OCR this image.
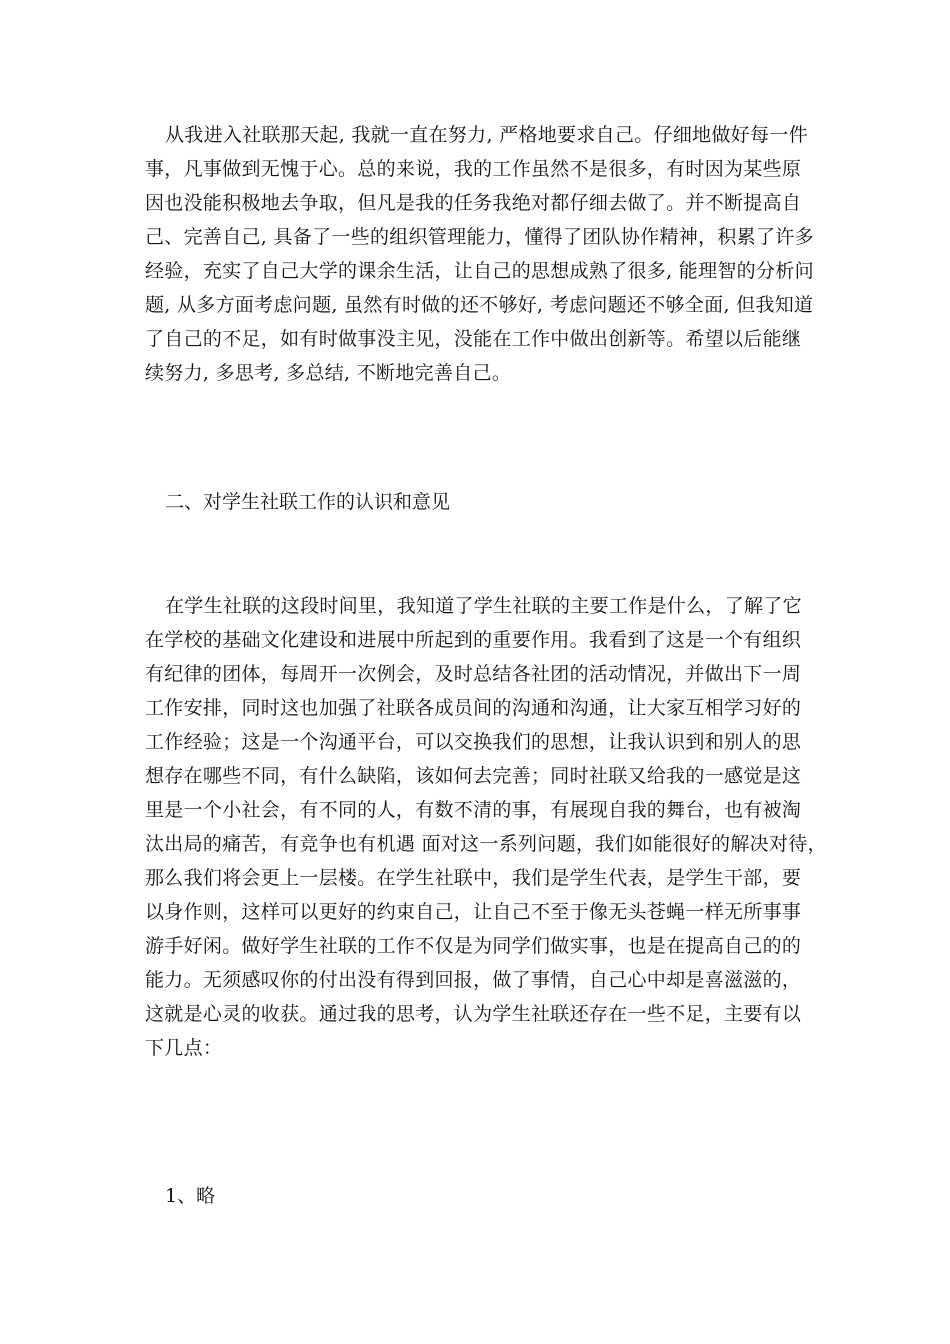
从我进入社联那天起, 我就一直在努力, 严格地要求自己。仔细地做好每一件
事，凡事做到无愧于心。总的来说，我的工作虽然不是很多，有时因为某些原
因也没能积极地去争取，但凡是我的任务我绝对都仔细去做了。并不断提高自
己、完善自己, 具备了一些的组织管理能力，懂得了团队协作精神，积累了许多
经验，充实了自己大学的课余生活，让自己的思想成熟了很多, 能理智的分析问
题, 从多方面考虑问题, 虽然有时做的还不够好, 考虑问题还不够全面, 但我知道
了自己的不足，如有时做事没主见，没能在工作中做出创新等。希望以后能继
续努力, 多思考, 多总结, 不断地完善自己。
二、对学生社联工作的认识和意见
在学生社联的这段时间里，我知道了学生社联的主要工作是什么，了解了它
在学校的基础文化建设和进展中所起到的重要作用。我看到了这是一个有组织
有纪律的团体，每周开一次例会，及时总结各社团的活动情况，并做出下一周
工作安排，同时这也加强了社联各成员间的沟通和沟通，让大家互相学习好的
工作经验；这是一个沟通平台，可以交换我们的思想，让我认识到和别人的思
想存在哪些不同，有什么缺陷，该如何去完善；同时社联又给我的一感觉是这
里是一个小社会，有不同的人，有数不清的事，有展现自我的舞台，也有被淘
汰出局的痛苦，有竞争也有机遇 面对这一系列问题，我们如能很好的解决对待，
那么我们将会更上一层楼。在学生社联中，我们是学生代表，是学生干部，要
以身作则，这样可以更好的约束自己，让自己不至于像无头苍蝇一样无所事事
游手好闲。做好学生社联的工作不仅是为同学们做实事，也是在提高自己的的
能力。无须感叹你的付出没有得到回报，做了事情，自己心中却是喜滋滋的，
这就是心灵的收获。通过我的思考，认为学生社联还存在一些不足，主要有以
下几点：
1、略
